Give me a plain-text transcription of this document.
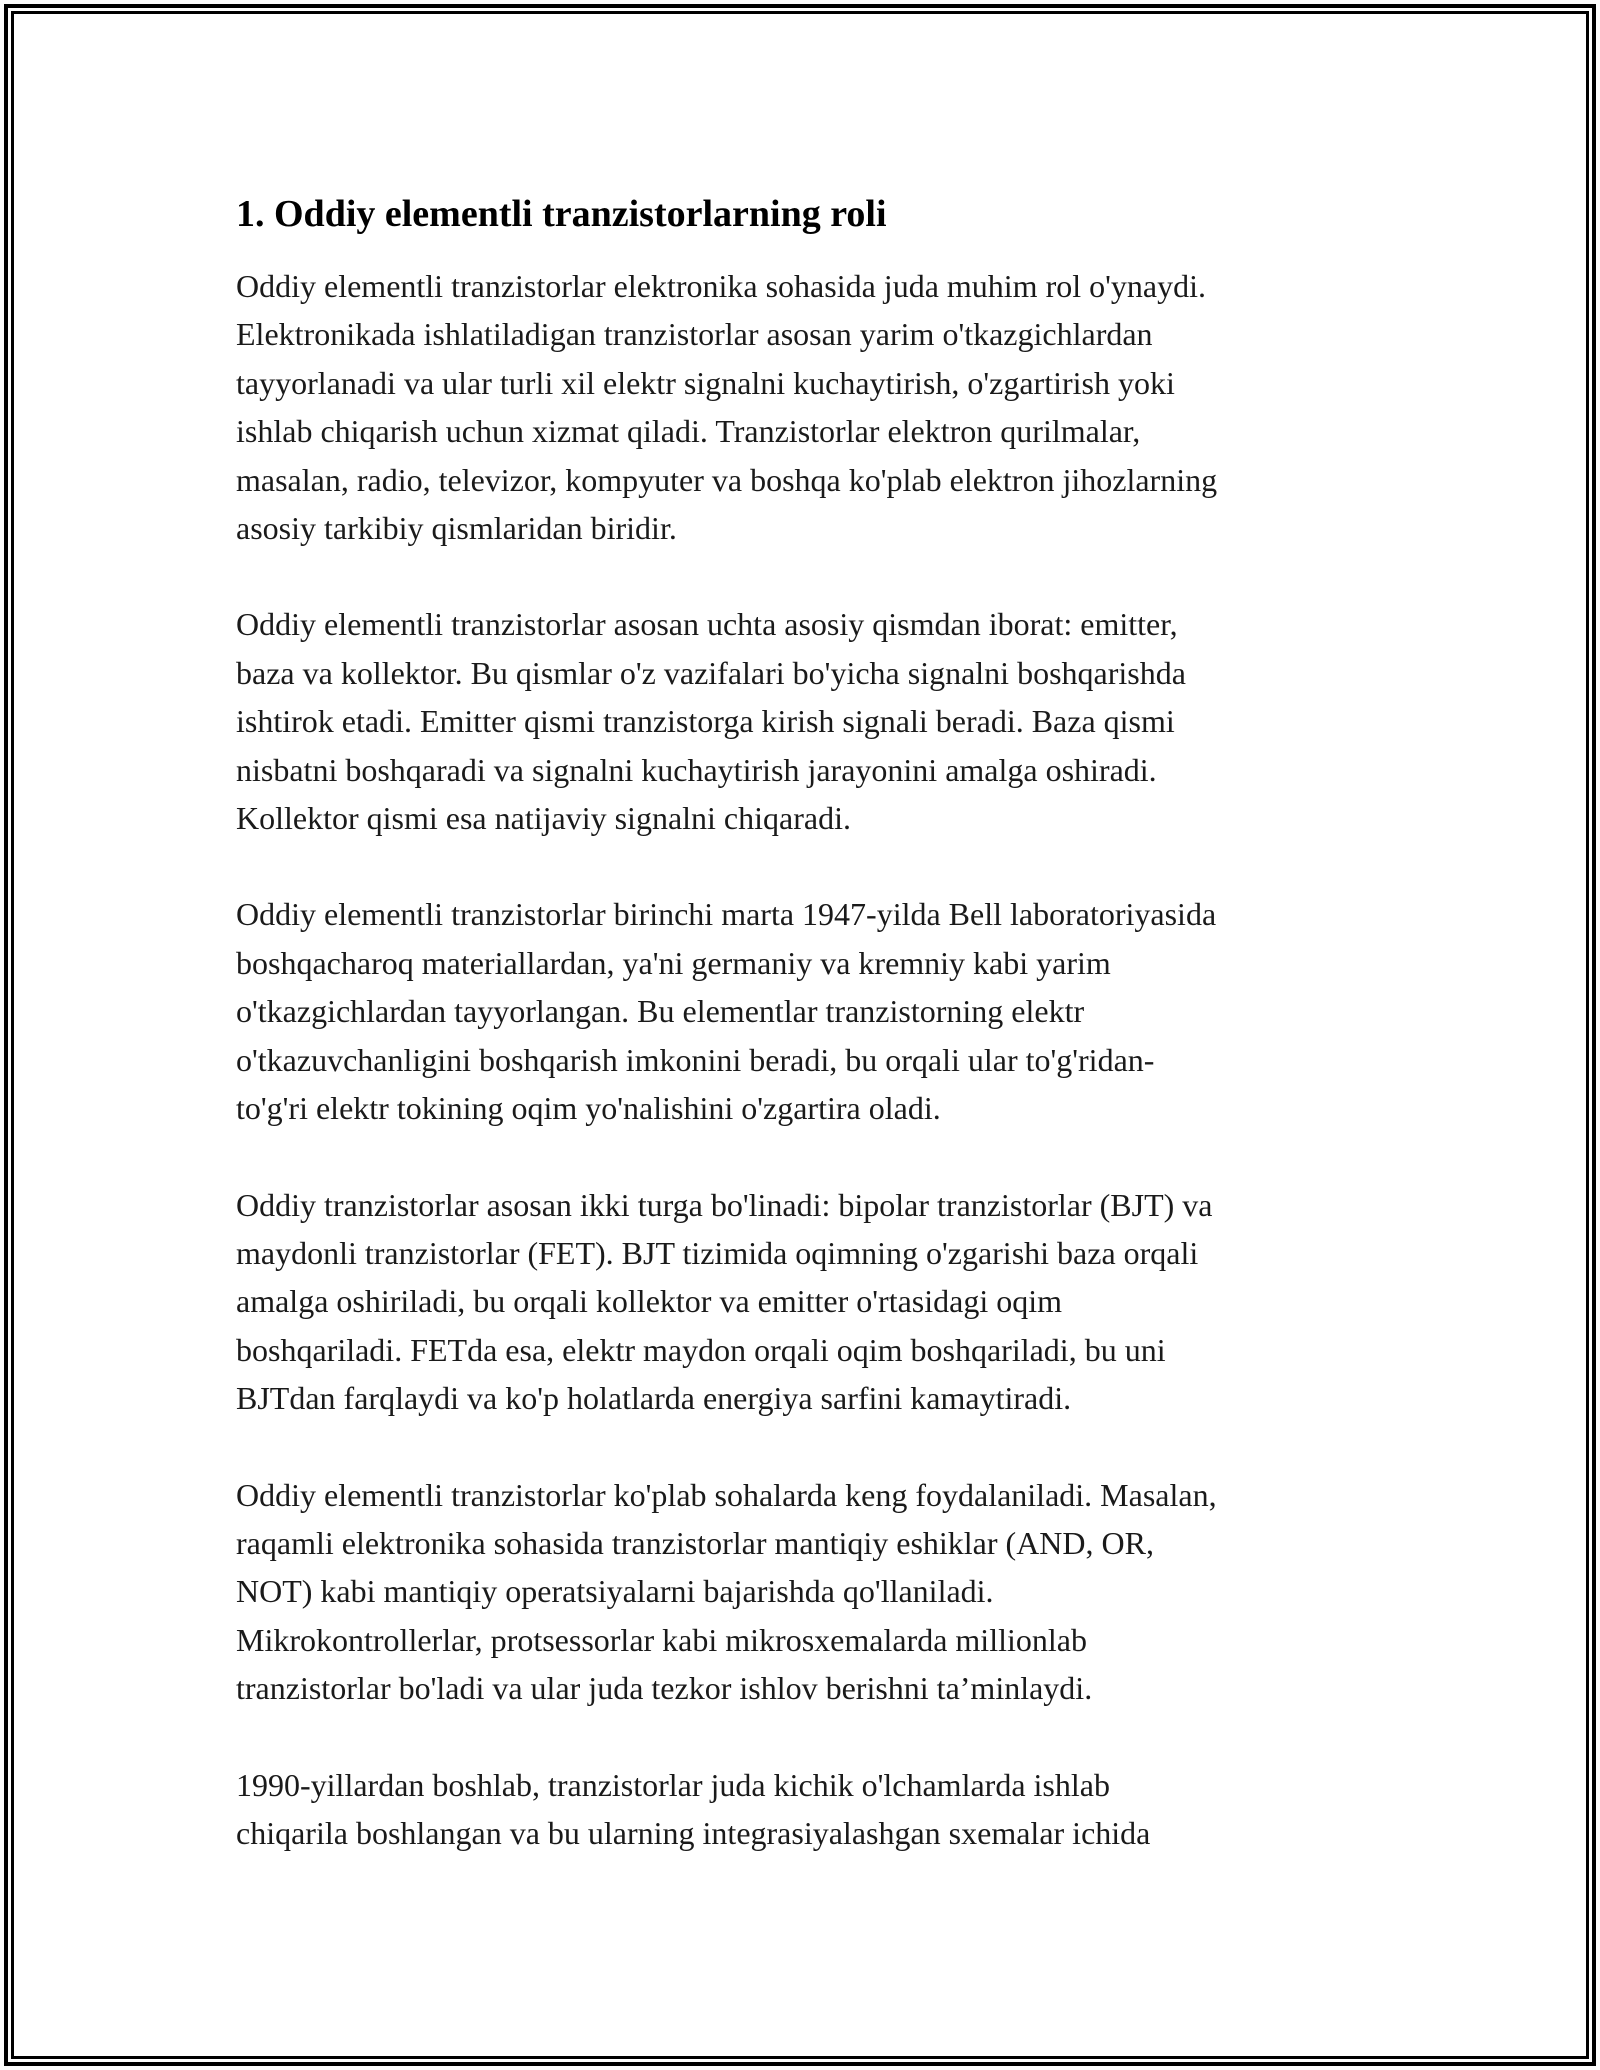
1. Oddiy elementli tranzistorlarning roli
Oddiy elementli tranzistorlar elektronika sohasida juda muhim rol o'ynaydi.
Elektronikada ishlatiladigan tranzistorlar asosan yarim o'tkazgichlardan
tayyorlanadi va ular turli xil elektr signalni kuchaytirish, o'zgartirish yoki
ishlab chiqarish uchun xizmat qiladi. Tranzistorlar elektron qurilmalar,
masalan, radio, televizor, kompyuter va boshqa ko'plab elektron jihozlarning
asosiy tarkibiy qismlaridan biridir.
Oddiy elementli tranzistorlar asosan uchta asosiy qismdan iborat: emitter,
baza va kollektor. Bu qismlar o'z vazifalari bo'yicha signalni boshqarishda
ishtirok etadi. Emitter qismi tranzistorga kirish signali beradi. Baza qismi
nisbatni boshqaradi va signalni kuchaytirish jarayonini amalga oshiradi.
Kollektor qismi esa natijaviy signalni chiqaradi.
Oddiy elementli tranzistorlar birinchi marta 1947-yilda Bell laboratoriyasida
boshqacharoq materiallardan, ya'ni germaniy va kremniy kabi yarim
o'tkazgichlardan tayyorlangan. Bu elementlar tranzistorning elektr
o'tkazuvchanligini boshqarish imkonini beradi, bu orqali ular to'g'ridan-
to'g'ri elektr tokining oqim yo'nalishini o'zgartira oladi.
Oddiy tranzistorlar asosan ikki turga bo'linadi: bipolar tranzistorlar (BJT) va
maydonli tranzistorlar (FET). BJT tizimida oqimning o'zgarishi baza orqali
amalga oshiriladi, bu orqali kollektor va emitter o'rtasidagi oqim
boshqariladi. FETda esa, elektr maydon orqali oqim boshqariladi, bu uni
BJTdan farqlaydi va ko'p holatlarda energiya sarfini kamaytiradi.
Oddiy elementli tranzistorlar ko'plab sohalarda keng foydalaniladi. Masalan,
raqamli elektronika sohasida tranzistorlar mantiqiy eshiklar (AND, OR,
NOT) kabi mantiqiy operatsiyalarni bajarishda qo'llaniladi.
Mikrokontrollerlar, protsessorlar kabi mikrosxemalarda millionlab
tranzistorlar bo'ladi va ular juda tezkor ishlov berishni ta’minlaydi.
1990-yillardan boshlab, tranzistorlar juda kichik o'lchamlarda ishlab
chiqarila boshlangan va bu ularning integrasiyalashgan sxemalar ichida
